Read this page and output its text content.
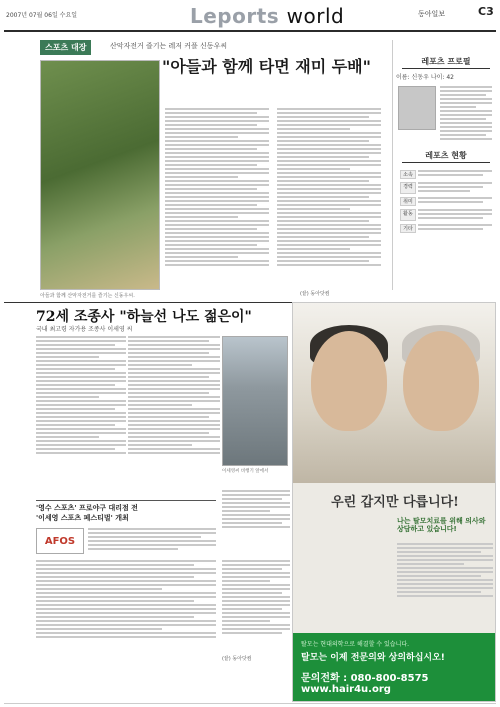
2007년 07월 06일 수요일	Leports world	동아일보	C3
스포츠 대장	산악자전거 즐기는 레저 커플 신동우씨
"아들과 함께 타면 재미 두배"
아들과 함께 산악자전거를 즐기는 신동우씨.	(끝) 동아닷컴
레포츠 프로필
이름: 신동우 나이: 42
레포츠 현황
소속
경력
취미
활동
기타
72세 조종사 "하늘선 나도 젊은이"
국내 최고령 자가용 조종사 이세영 씨
이세영씨 비행기 앞에서
'영수 스포츠' 프로야구 대리점 전
'이세영 스포츠 페스티벌' 개최
AFOS
(끝) 동아닷컴
우린 갑지만 다릅니다!
나는 탈모치료를 위해 의사와 상담하고 있습니다!
탈모는 현대의학으로 해결할 수 있습니다.
탈모는 이제 전문의와 상의하십시오!
문의전화 : 080-800-8575 www.hair4u.org
